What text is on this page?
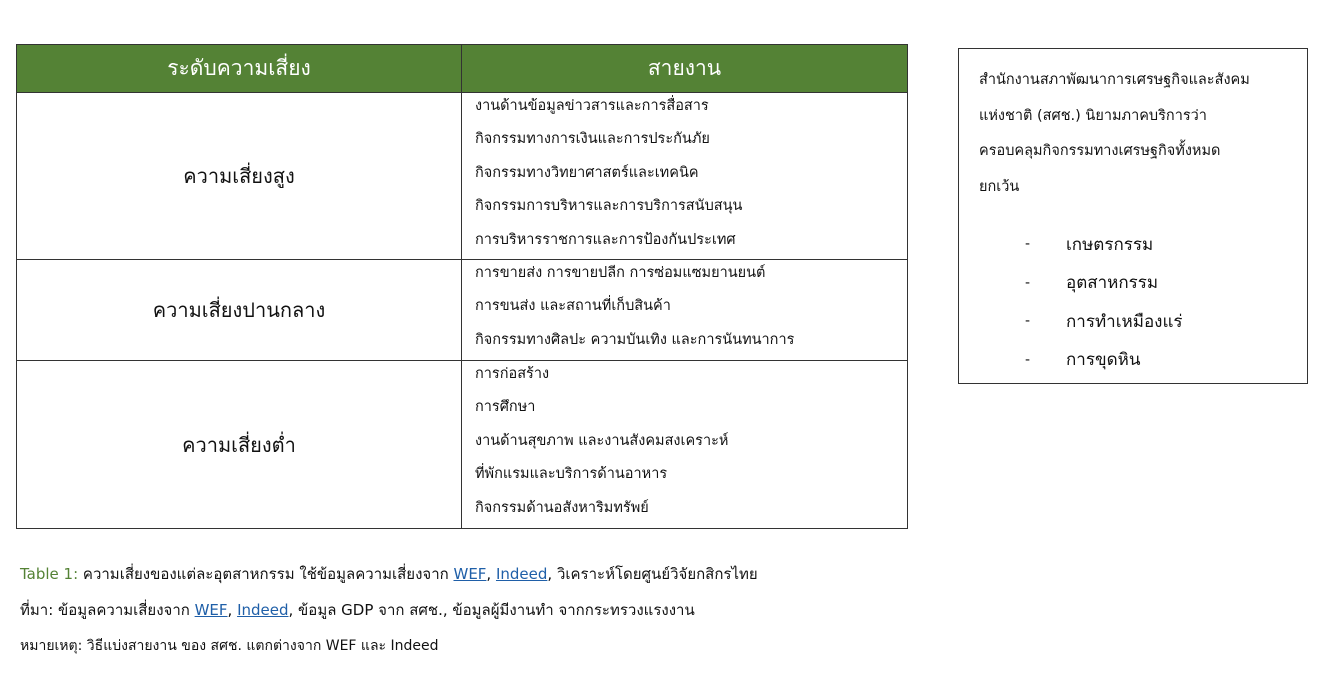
ระดับความเสี่ยง	สายงาน
ความเสี่ยงสูง	งานด้านข้อมูลข่าวสารและการสื่อสาร
กิจกรรมทางการเงินและการประกันภัย
กิจกรรมทางวิทยาศาสตร์และเทคนิค
กิจกรรมการบริหารและการบริการสนับสนุน
การบริหารราชการและการป้องกันประเทศ

ความเสี่ยงปานกลาง	การขายส่ง การขายปลีก การซ่อมแซมยานยนต์
การขนส่ง และสถานที่เก็บสินค้า
กิจกรรมทางศิลปะ ความบันเทิง และการนันทนาการ

ความเสี่ยงต่ำ	การก่อสร้าง
การศึกษา
งานด้านสุขภาพ และงานสังคมสงเคราะห์
ที่พักแรมและบริการด้านอาหาร
กิจกรรมด้านอสังหาริมทรัพย์

สำนักงานสภาพัฒนาการเศรษฐกิจและสังคม
แห่งชาติ (สศช.) นิยามภาคบริการว่า
ครอบคลุมกิจกรรมทางเศรษฐกิจทั้งหมด
ยกเว้น

-	เกษตรกรรม
-	อุตสาหกรรม
-	การทำเหมืองแร่
-	การขุดหิน
Table 1: ความเสี่ยงของแต่ละอุตสาหกรรม ใช้ข้อมูลความเสี่ยงจาก WEF, Indeed, วิเคราะห์โดยศูนย์วิจัยกสิกรไทย
ที่มา: ข้อมูลความเสี่ยงจาก WEF, Indeed, ข้อมูล GDP จาก สศช., ข้อมูลผู้มีงานทำ จากกระทรวงแรงงาน
หมายเหตุ: วิธีแบ่งสายงาน ของ สศช. แตกต่างจาก WEF และ Indeed
